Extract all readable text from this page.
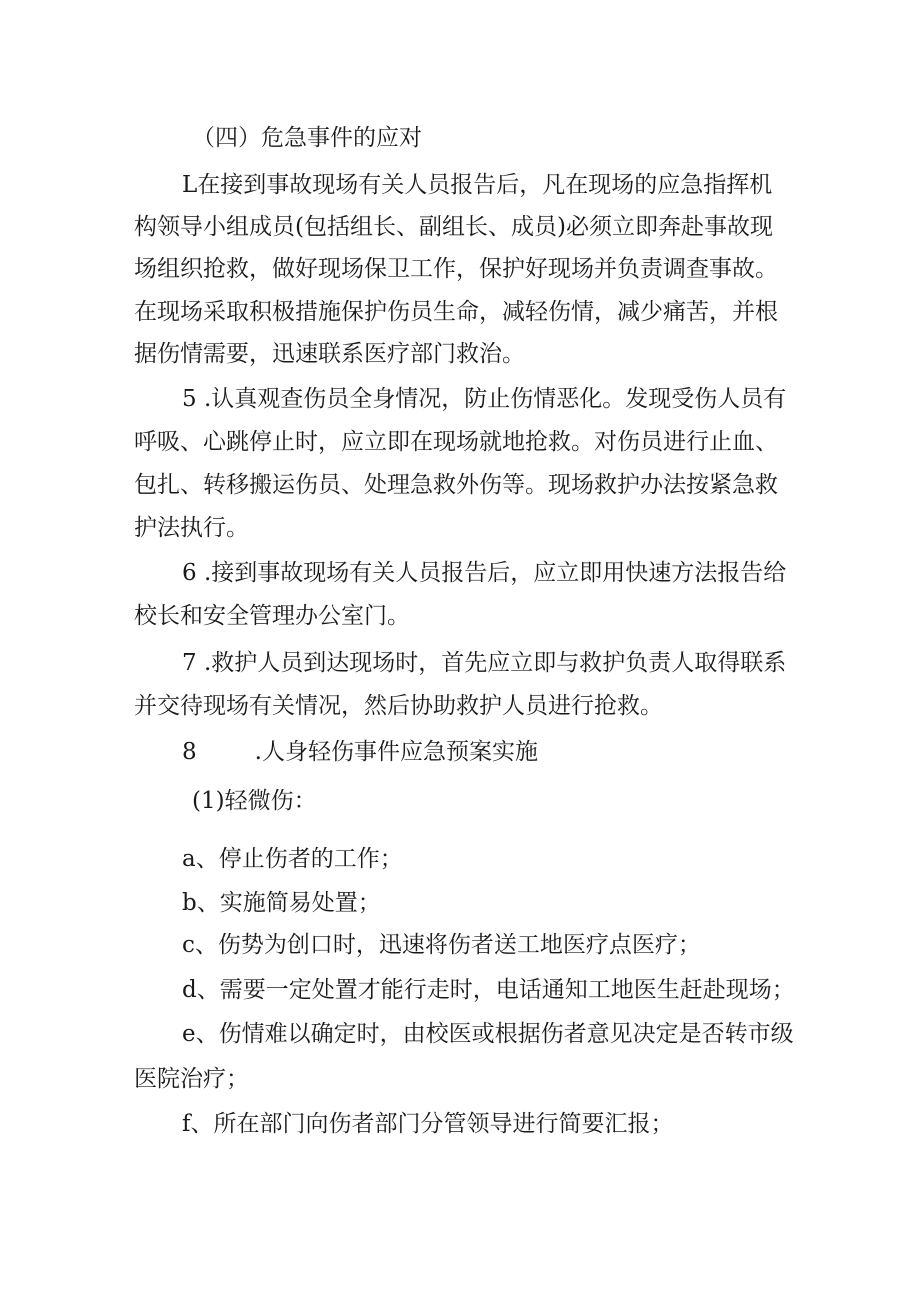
（四）危急事件的应对
L在接到事故现场有关人员报告后，凡在现场的应急指挥机
构领导小组成员(包括组长、副组长、成员)必须立即奔赴事故现
场组织抢救，做好现场保卫工作，保护好现场并负责调查事故。
在现场采取积极措施保护伤员生命，减轻伤情，减少痛苦，并根
据伤情需要，迅速联系医疗部门救治。
5 .认真观查伤员全身情况，防止伤情恶化。发现受伤人员有
呼吸、心跳停止时，应立即在现场就地抢救。对伤员进行止血、
包扎、转移搬运伤员、处理急救外伤等。现场救护办法按紧急救
护法执行。
6 .接到事故现场有关人员报告后，应立即用快速方法报告给
校长和安全管理办公室门。
7 .救护人员到达现场时，首先应立即与救护负责人取得联系
并交待现场有关情况，然后协助救护人员进行抢救。
8	.人身轻伤事件应急预案实施
(1)轻微伤：
a、停止伤者的工作；
b、实施简易处置；
c、伤势为创口时，迅速将伤者送工地医疗点医疗；
d、需要一定处置才能行走时，电话通知工地医生赶赴现场；
e、伤情难以确定时，由校医或根据伤者意见决定是否转市级
医院治疗；
f、所在部门向伤者部门分管领导进行简要汇报；
